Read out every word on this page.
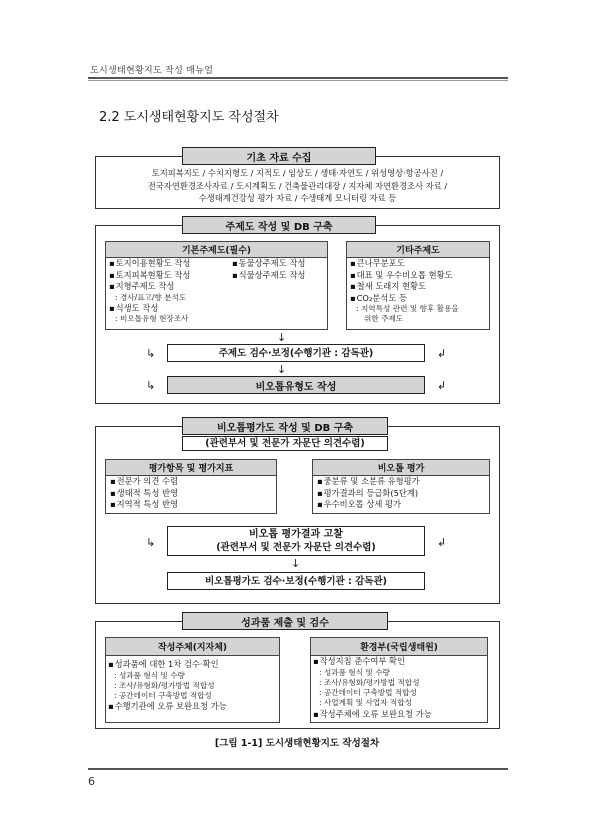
도시생태현황지도 작성 매뉴얼
2.2 도시생태현황지도 작성절차
기초 자료 수집
토지피복지도 / 수치지형도 / 지적도 / 임상도 / 생태·자연도 / 위성영상·항공사진 /
전국자연환경조사자료 / 도시계획도 / 건축물관리대장 / 지자체 자연환경조사 자료 /
수생태계건강성 평가 자료 / 수생태계 모니터링 자료 등
주제도 작성 및 DB 구축
기본주제도(필수)
▪ 토지이용현황도 작성
▪ 토지피복현황도 작성
▪ 지형주제도 작성
: 경사/표고/향 분석도
▪ 식생도 작성
: 비오톱유형 현장조사
▪ 동물상주제도 작성
▪ 식물상주제도 작성
기타주제도
▪ 큰나무분포도
▪ 대표 및 우수비오톱 현황도
▪ 철새 도래지 현황도
▪ CO₂분석도 등
: 지역특성 관련 및 향후 활용을
위한 주제도
↓
↳	주제도 검수·보정(수행기관 : 감독관)	↲
↓
↳	비오톱유형도 작성	↲
비오톱평가도 작성 및 DB 구축
(관련부서 및 전문가 자문단 의견수렴)
평가항목 및 평가지표
▪ 전문가 의견 수렴
▪ 생태적 특성 반영
▪ 지역적 특성 반영
비오톱 평가
▪ 중분류 및 소분류 유형평가
▪ 평가결과의 등급화(5단계)
▪ 우수비오톱 상세 평가
↳
비오톱 평가결과 고찰
(관련부서 및 전문가 자문단 의견수렴)	↲
↓
비오톱평가도 검수·보정(수행기관 : 감독관)
성과품 제출 및 검수
작성주체(지자체)
▪ 성과품에 대한 1차 검수·확인
: 성과품 형식 및 수량
: 조사/유형화/평가방법 적합성
: 공간데이터 구축방법 적합성
▪ 수행기관에 오류 보완요청 가능
환경부(국립생태원)
▪ 작성지침 준수여부 확인
: 성과품 형식 및 수량
: 조사/유형화/평가방법 적합성
: 공간데이터 구축방법 적합성
: 사업계획 및 사업자 적합성
▪ 작성주체에 오류 보완요청 가능
[그림 1-1] 도시생태현황지도 작성절차
6
